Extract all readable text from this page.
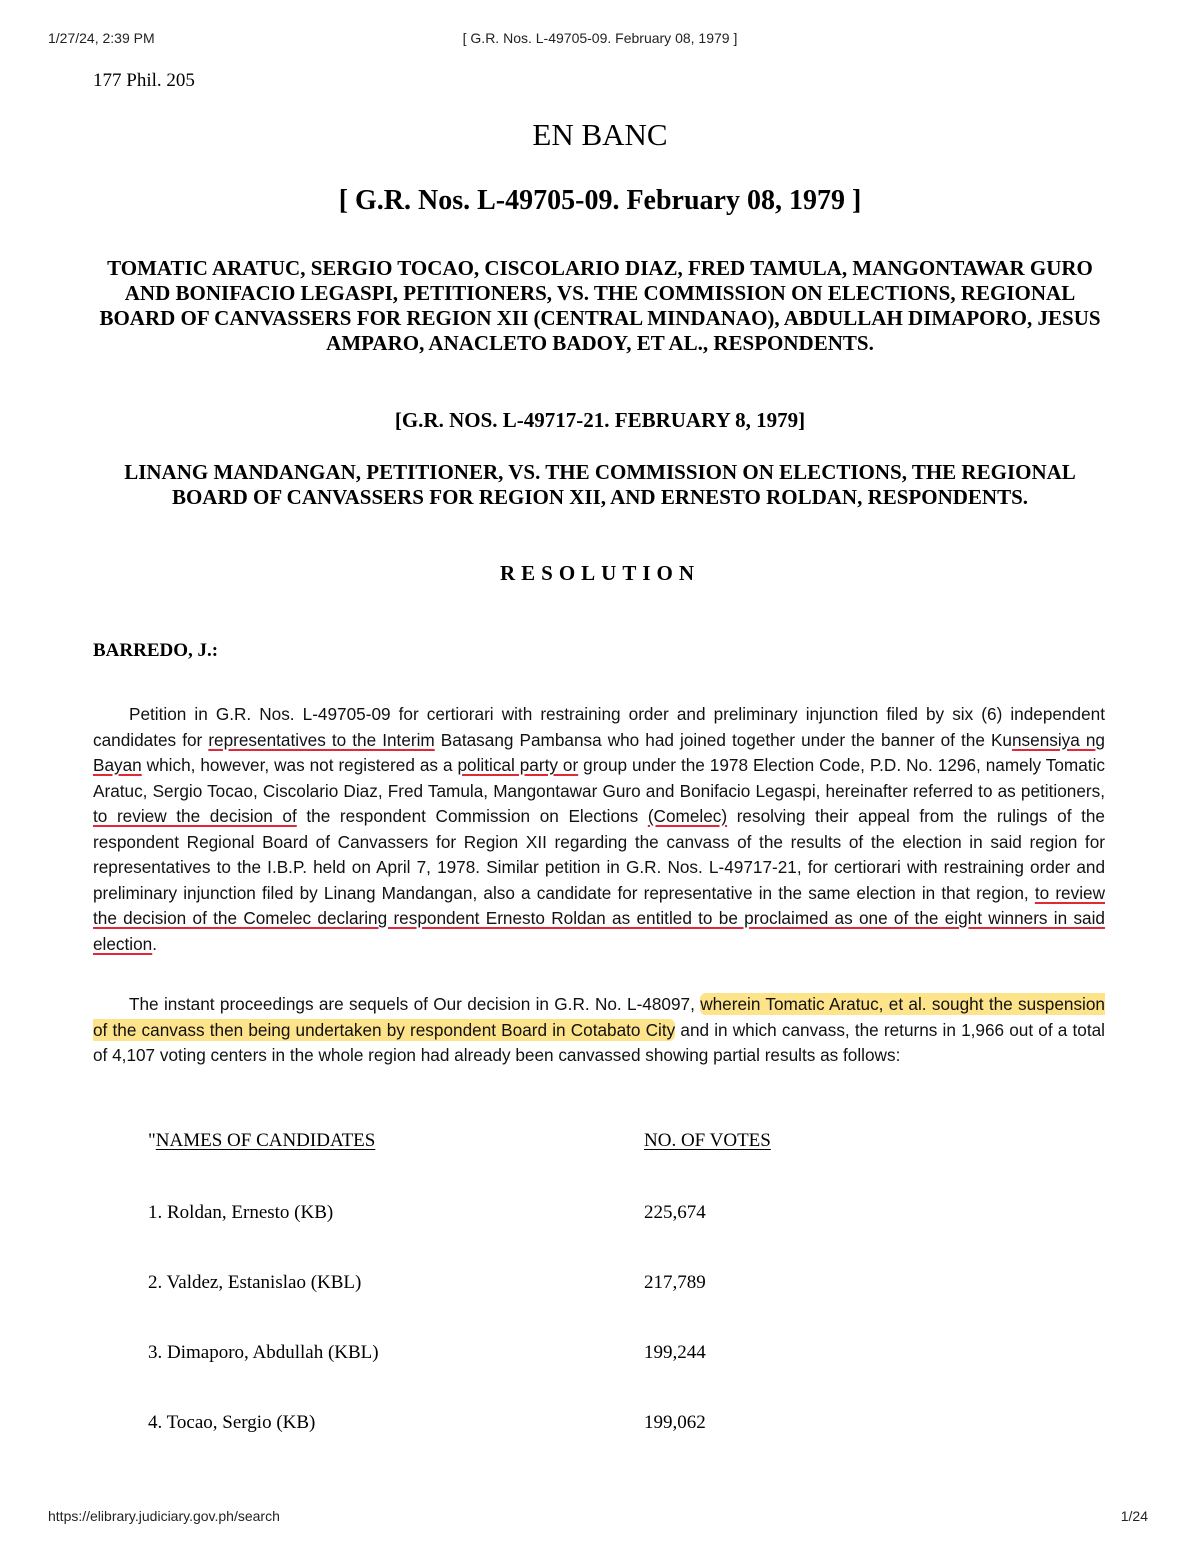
1/27/24, 2:39 PM	[ G.R. Nos. L-49705-09. February 08, 1979 ]
177 Phil. 205
EN BANC
[ G.R. Nos. L-49705-09. February 08, 1979 ]
TOMATIC ARATUC, SERGIO TOCAO, CISCOLARIO DIAZ, FRED TAMULA, MANGONTAWAR GURO AND BONIFACIO LEGASPI, PETITIONERS, VS. THE COMMISSION ON ELECTIONS, REGIONAL BOARD OF CANVASSERS FOR REGION XII (CENTRAL MINDANAO), ABDULLAH DIMAPORO, JESUS AMPARO, ANACLETO BADOY, ET AL., RESPONDENTS.
[G.R. NOS. L-49717-21. FEBRUARY 8, 1979]
LINANG MANDANGAN, PETITIONER, VS. THE COMMISSION ON ELECTIONS, THE REGIONAL BOARD OF CANVASSERS FOR REGION XII, AND ERNESTO ROLDAN, RESPONDENTS.
RESOLUTION
BARREDO, J.:
Petition in G.R. Nos. L-49705-09 for certiorari with restraining order and preliminary injunction filed by six (6) independent candidates for representatives to the Interim Batasang Pambansa who had joined together under the banner of the Kunsensiya ng Bayan which, however, was not registered as a political party or group under the 1978 Election Code, P.D. No. 1296, namely Tomatic Aratuc, Sergio Tocao, Ciscolario Diaz, Fred Tamula, Mangontawar Guro and Bonifacio Legaspi, hereinafter referred to as petitioners, to review the decision of the respondent Commission on Elections (Comelec) resolving their appeal from the rulings of the respondent Regional Board of Canvassers for Region XII regarding the canvass of the results of the election in said region for representatives to the I.B.P. held on April 7, 1978. Similar petition in G.R. Nos. L-49717-21, for certiorari with restraining order and preliminary injunction filed by Linang Mandangan, also a candidate for representative in the same election in that region, to review the decision of the Comelec declaring respondent Ernesto Roldan as entitled to be proclaimed as one of the eight winners in said election.
The instant proceedings are sequels of Our decision in G.R. No. L-48097, wherein Tomatic Aratuc, et al. sought the suspension of the canvass then being undertaken by respondent Board in Cotabato City and in which canvass, the returns in 1,966 out of a total of 4,107 voting centers in the whole region had already been canvassed showing partial results as follows:
"NAMES OF CANDIDATES	NO. OF VOTES
1. Roldan, Ernesto (KB)	225,674
2. Valdez, Estanislao (KBL)	217,789
3. Dimaporo, Abdullah (KBL)	199,244
4. Tocao, Sergio (KB)	199,062
https://elibrary.judiciary.gov.ph/search	1/24
